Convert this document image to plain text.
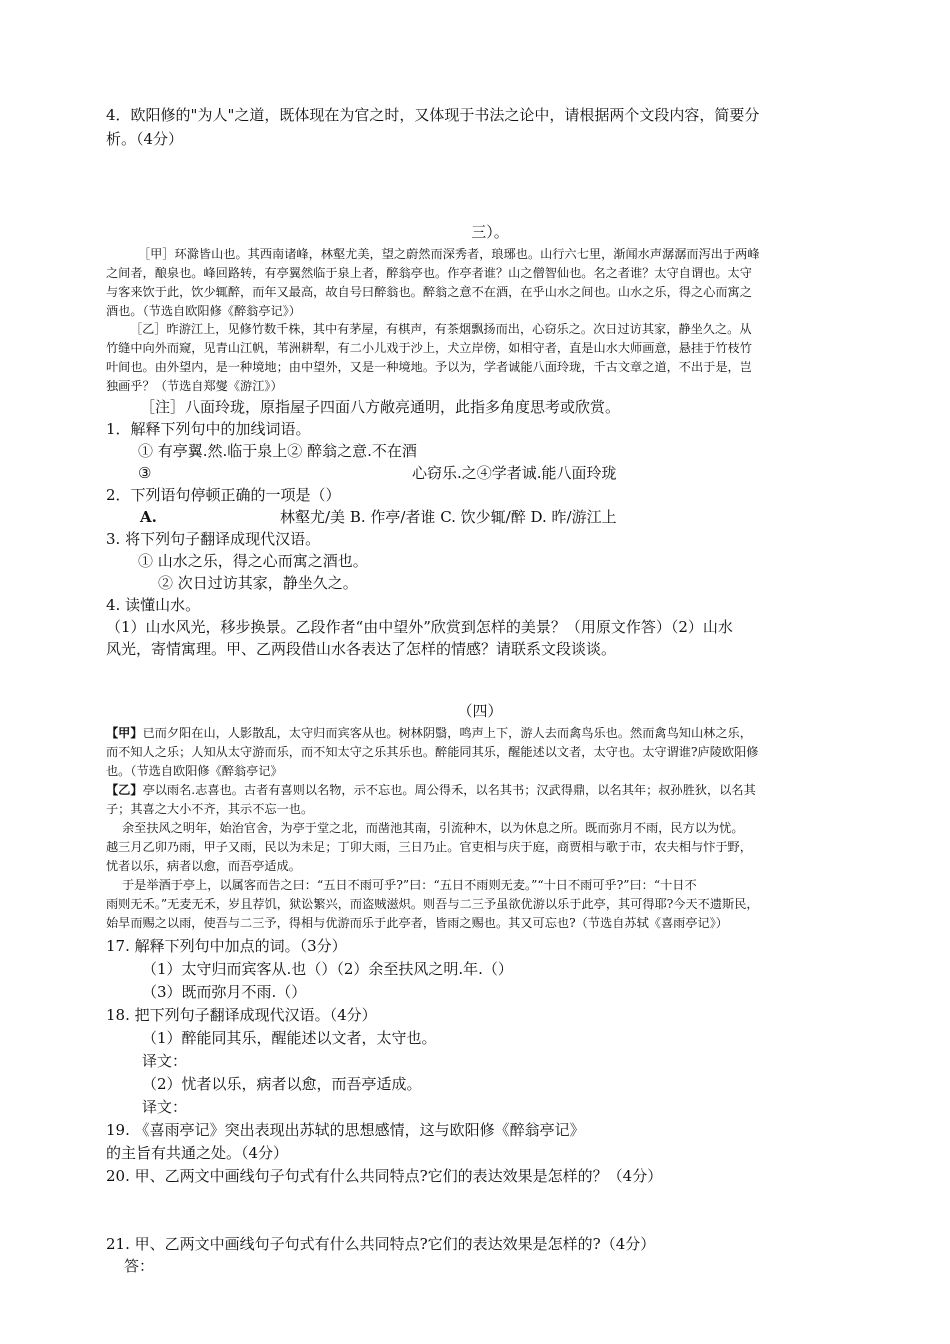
4．欧阳修的"为人"之道，既体现在为官之时，又体现于书法之论中，请根据两个文段内容，简要分
析。（4分）
三）。
［甲］环滁皆山也。其西南诸峰，林壑尤美，望之蔚然而深秀者，琅琊也。山行六七里，渐闻水声潺潺而泻出于两峰
之间者，酿泉也。峰回路转，有亭翼然临于泉上者，醉翁亭也。作亭者谁？山之僧智仙也。名之者谁？太守自谓也。太守
与客来饮于此，饮少辄醉，而年又最高，故自号曰醉翁也。醉翁之意不在酒，在乎山水之间也。山水之乐，得之心而寓之
酒也。（节选自欧阳修《醉翁亭记》）
［乙］昨游江上，见修竹数千株，其中有茅屋，有棋声，有茶烟飘扬而出，心窃乐之。次日过访其家，静坐久之。从
竹缝中向外而窥，见青山江帆，苇洲耕犁，有二小儿戏于沙上，犬立岸傍，如相守者，直是山水大师画意，悬挂于竹枝竹
叶间也。由外望内，是一种境地；由中望外，又是一种境地。予以为，学者诚能八面玲珑，千古文章之道，不出于是，岂
独画乎？（节选自郑燮《游江》）
［注］八面玲珑，原指屋子四面八方敞亮通明，此指多角度思考或欣赏。
1．解释下列句中的加线词语。
① 有亭翼.然.临于泉上② 醉翁之意.不在酒
③	心窃乐.之④学者诚.能八面玲珑
2．下列语句停顿正确的一项是（）
A.	林壑尤/美 B. 作亭/者谁 C. 饮少辄/醉 D. 昨/游江上
3. 将下列句子翻译成现代汉语。
① 山水之乐，得之心而寓之酒也。
② 次日过访其家，静坐久之。
4. 读懂山水。
（1）山水风光，移步换景。乙段作者“由中望外”欣赏到怎样的美景？（用原文作答）（2）山水
风光，寄情寓理。甲、乙两段借山水各表达了怎样的情感？请联系文段谈谈。
（四）
【甲】已而夕阳在山，人影散乱，太守归而宾客从也。树林阴翳，鸣声上下，游人去而禽鸟乐也。然而禽鸟知山林之乐，
而不知人之乐；人知从太守游而乐，而不知太守之乐其乐也。醉能同其乐，醒能述以文者，太守也。太守谓谁?庐陵欧阳修
也。（节选自欧阳修《醉翁亭记》
【乙】亭以雨名.志喜也。古者有喜则以名物，示不忘也。周公得禾，以名其书；汉武得鼎，以名其年；叔孙胜狄，以名其
子；其喜之大小不齐，其示不忘一也。
余至扶风之明年，始治官舍，为亭于堂之北，而凿池其南，引流种木，以为休息之所。既而弥月不雨，民方以为忧。
越三月乙卯乃雨，甲子又雨，民以为未足；丁卯大雨，三日乃止。官吏相与庆于庭，商贾相与歌于市，农夫相与忭于野，
忧者以乐，病者以愈，而吾亭适成。
于是举酒于亭上，以属客而告之曰：“五日不雨可乎?”曰：“五日不雨则无麦。”“十日不雨可乎?”曰：“十日不
雨则无禾。”无麦无禾，岁且荐饥，狱讼繁兴，而盗贼滋炽。则吾与二三予虽欲优游以乐于此亭，其可得耶?今天不遗斯民，
始旱而赐之以雨，使吾与二三予，得相与优游而乐于此亭者，皆雨之赐也。其又可忘也?（节选自苏轼《喜雨亭记》）
17. 解释下列句中加点的词。（3分）
（1）太守归而宾客从.也（）（2）余至扶风之明.年.（）
（3）既而弥月不雨.（）
18. 把下列句子翻译成现代汉语。（4分）
（1）醉能同其乐，醒能述以文者，太守也。
译文：
（2）忧者以乐，病者以愈，而吾亭适成。
译文：
19. 《喜雨亭记》突出表现出苏轼的思想感情，这与欧阳修《醉翁亭记》
的主旨有共通之处。（4分）
20. 甲、乙两文中画线句子句式有什么共同特点?它们的表达效果是怎样的？（4分）
21. 甲、乙两文中画线句子句式有什么共同特点?它们的表达效果是怎样的?（4分）
答：
